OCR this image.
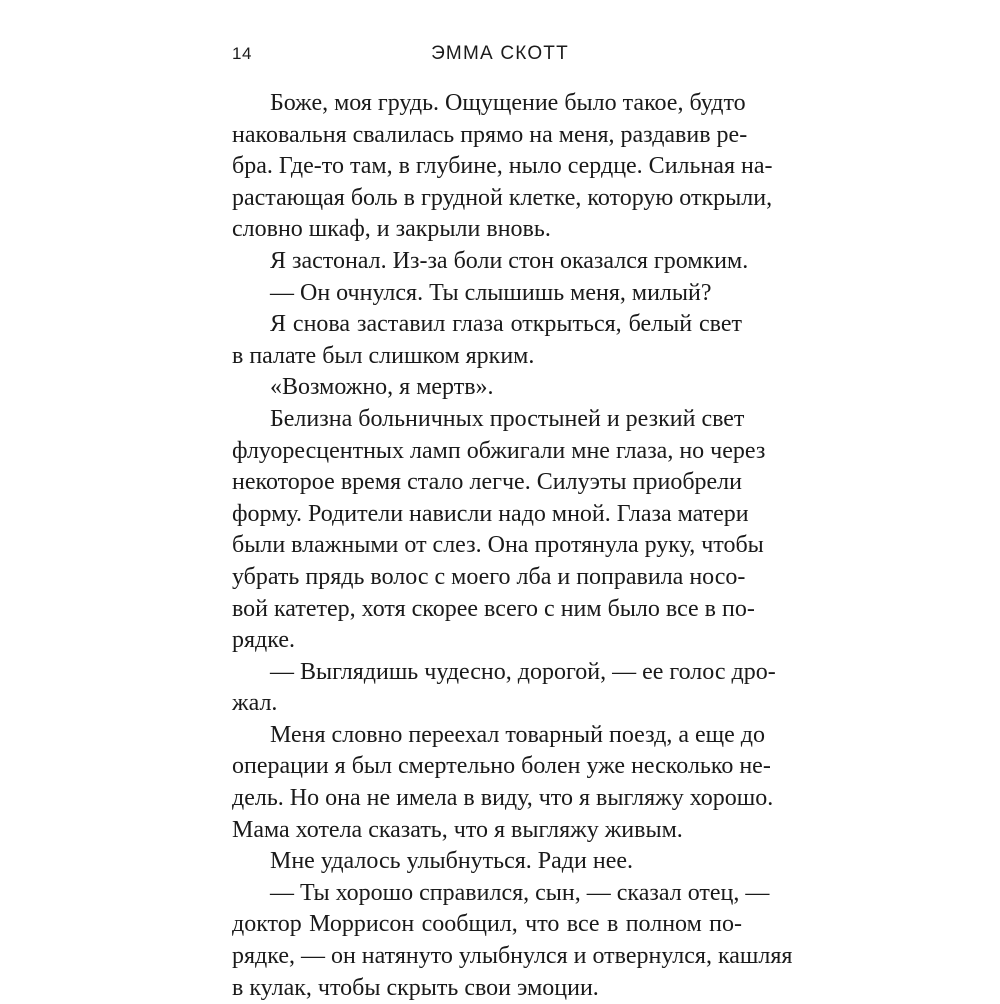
14	ЭММА СКОТТ

Боже, моя грудь. Ощущение было такое, будто
наковальня свалилась прямо на меня, раздавив ре-
бра. Где-то там, в глубине, ныло сердце. Сильная на-
растающая боль в грудной клетке, которую открыли,
словно шкаф, и закрыли вновь.

Я застонал. Из-за боли стон оказался громким.

— Он очнулся. Ты слышишь меня, милый?

Я снова заставил глаза открыться, белый свет
в палате был слишком ярким.

«Возможно, я мертв».

Белизна больничных простыней и резкий свет
флуоресцентных ламп обжигали мне глаза, но через
некоторое время стало легче. Силуэты приобрели
форму. Родители нависли надо мной. Глаза матери
были влажными от слез. Она протянула руку, чтобы
убрать прядь волос с моего лба и поправила носо-
вой катетер, хотя скорее всего с ним было все в по-
рядке.

— Выглядишь чудесно, дорогой, — ее голос дро-
жал.

Меня словно переехал товарный поезд, а еще до
операции я был смертельно болен уже несколько не-
дель. Но она не имела в виду, что я выгляжу хорошо.
Мама хотела сказать, что я выгляжу живым.

Мне удалось улыбнуться. Ради нее.

— Ты хорошо справился, сын, — сказал отец, —
доктор Моррисон сообщил, что все в полном по-
рядке, — он натянуто улыбнулся и отвернулся, кашляя
в кулак, чтобы скрыть свои эмоции.
